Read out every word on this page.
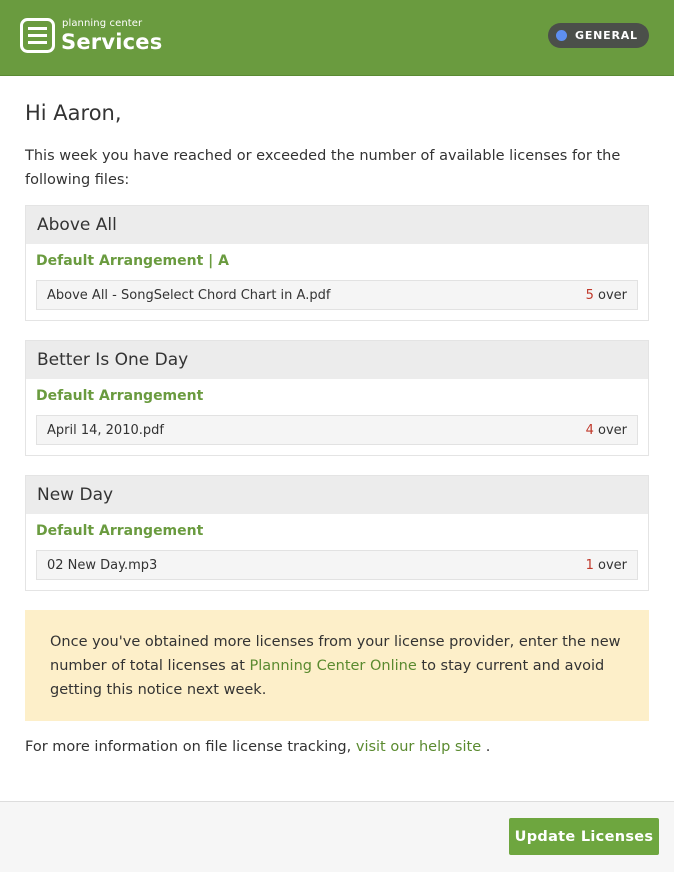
planning center
Services	GENERAL
Hi Aaron,
This week you have reached or exceeded the number of available licenses for the following files:
Above All
Default Arrangement | A
Above All - SongSelect Chord Chart in A.pdf	5 over
Better Is One Day
Default Arrangement
April 14, 2010.pdf	4 over
New Day
Default Arrangement
02 New Day.mp3	1 over
Once you've obtained more licenses from your license provider, enter the new number of total licenses at Planning Center Online to stay current and avoid getting this notice next week.
For more information on file license tracking, visit our help site .
Update Licenses
